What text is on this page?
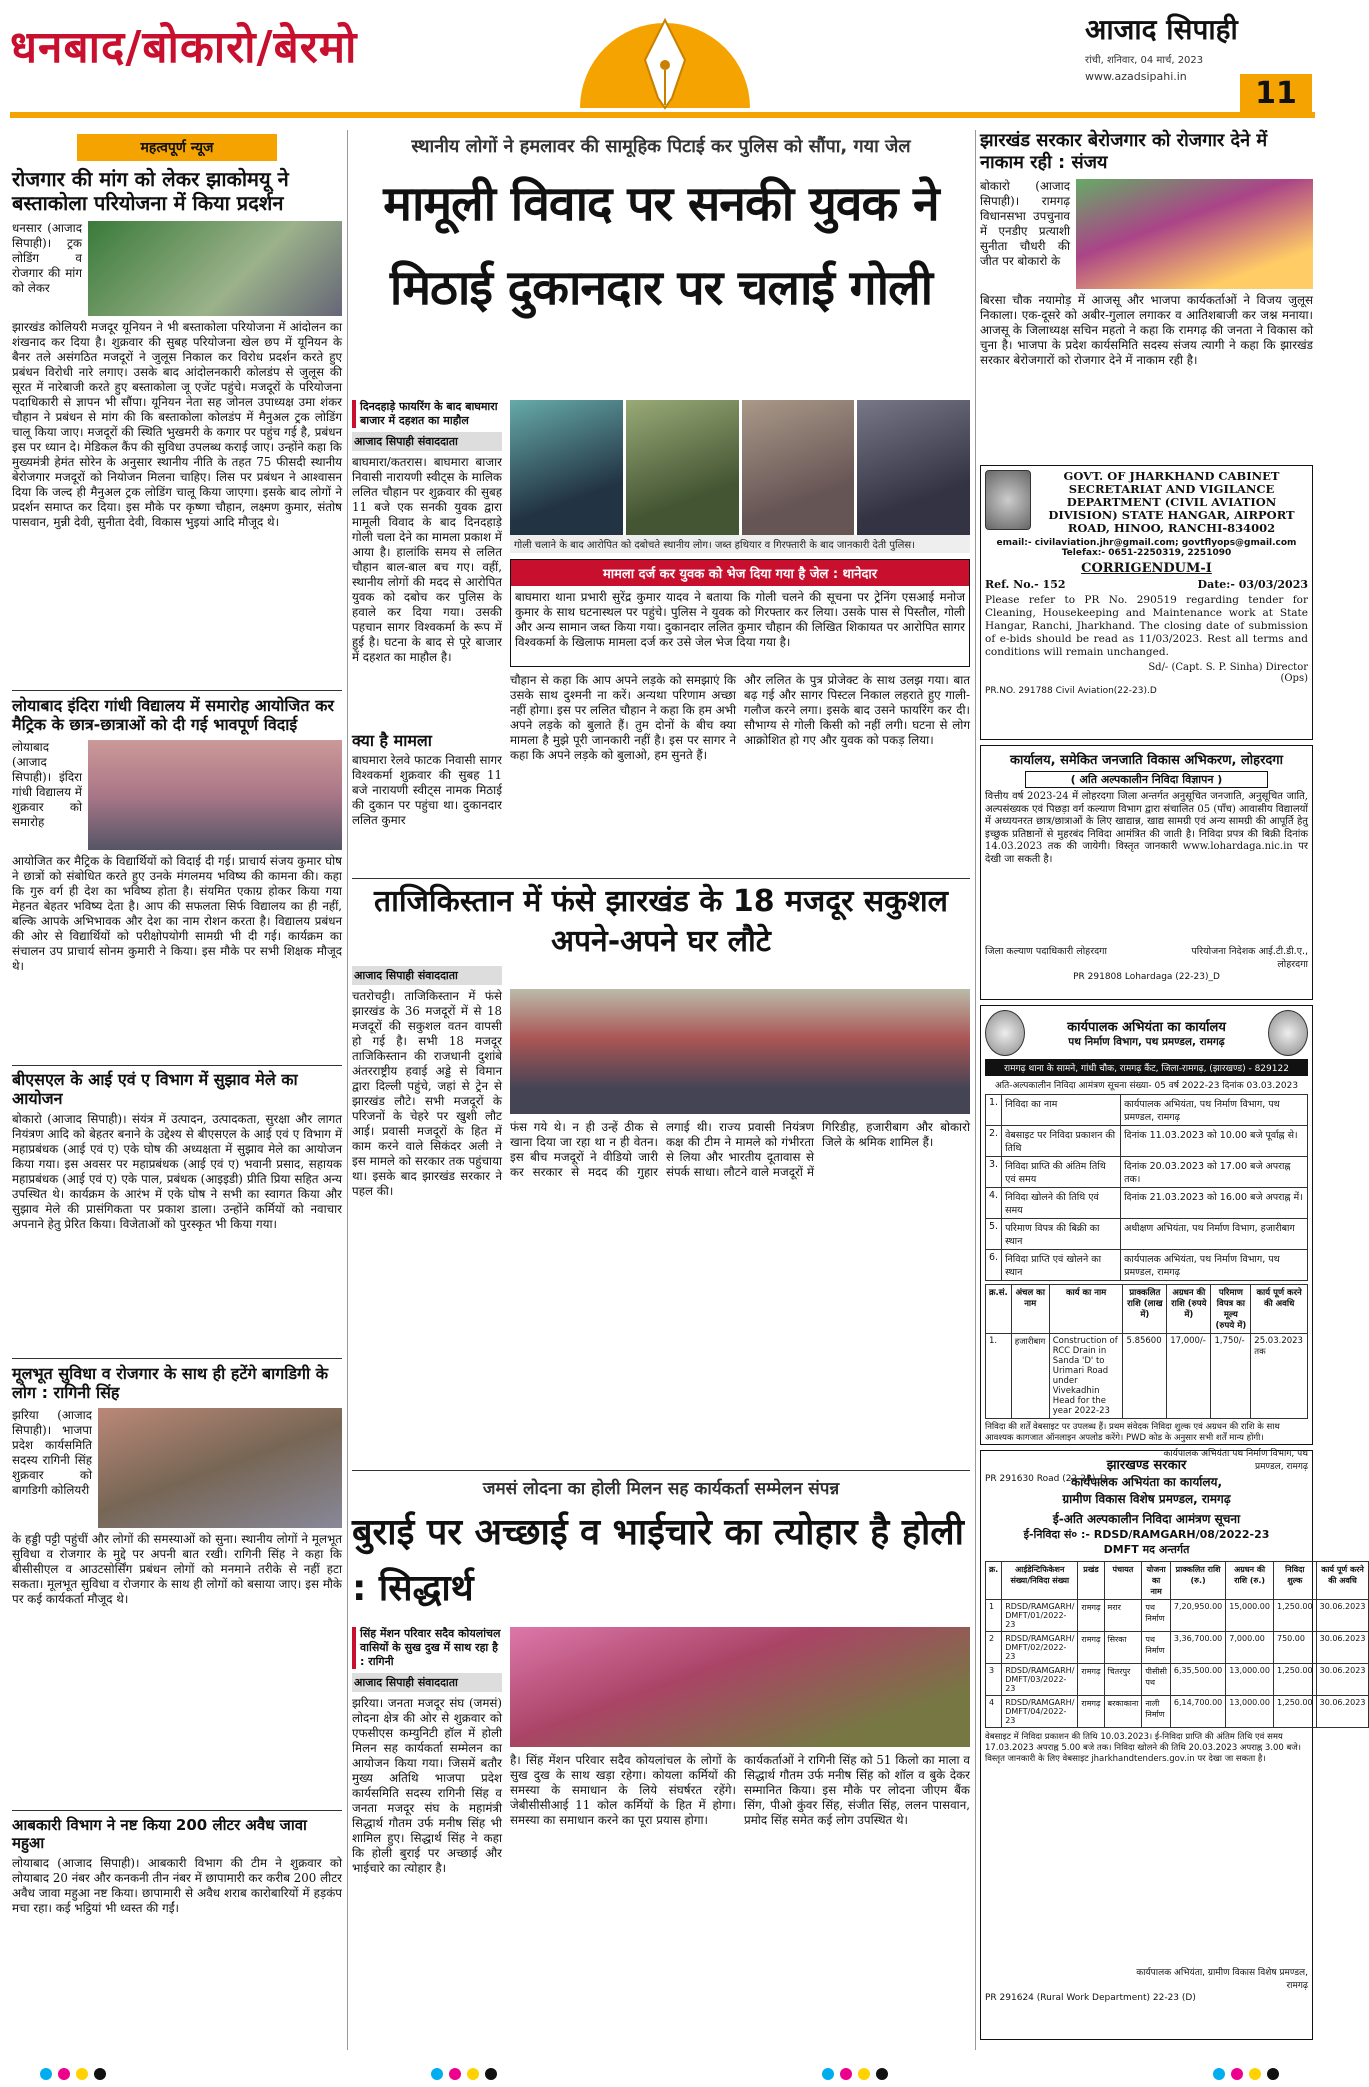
धनबाद/बोकारो/बेरमो	आजाद सिपाही
रांची, शनिवार, 04 मार्च, 2023
www.azadsipahi.in	11
महत्वपूर्ण न्यूज
रोजगार की मांग को लेकर झाकोमयू ने बस्ताकोला परियोजना में किया प्रदर्शन
धनसार (आजाद सिपाही)। ट्रक लोडिंग व रोजगार की मांग को लेकर
झारखंड कोलियरी मजदूर यूनियन ने भी बस्ताकोला परियोजना में आंदोलन का शंखनाद कर दिया है। शुक्रवार की सुबह परियोजना खेल छप में यूनियन के बैनर तले असंगठित मजदूरों ने जुलूस निकाल कर विरोध प्रदर्शन करते हुए प्रबंधन विरोधी नारे लगाए। उसके बाद आंदोलनकारी कोलडंप से जुलूस की सूरत में नारेबाजी करते हुए बस्ताकोला जू एजेंट पहुंचे। मजदूरों के परियोजना पदाधिकारी से ज्ञापन भी सौंपा। यूनियन नेता सह जोनल उपाध्यक्ष उमा शंकर चौहान ने प्रबंधन से मांग की कि बस्ताकोला कोलडंप में मैनुअल ट्रक लोडिंग चालू किया जाए। मजदूरों की स्थिति भुखमरी के कगार पर पहुंच गई है, प्रबंधन इस पर ध्यान दे। मेडिकल कैंप की सुविधा उपलब्ध कराई जाए। उन्होंने कहा कि मुख्यमंत्री हेमंत सोरेन के अनुसार स्थानीय नीति के तहत 75 फीसदी स्थानीय बेरोजगार मजदूरों को नियोजन मिलना चाहिए। लिस पर प्रबंधन ने आश्वासन दिया कि जल्द ही मैनुअल ट्रक लोडिंग चालू किया जाएगा। इसके बाद लोगों ने प्रदर्शन समाप्त कर दिया। इस मौके पर कृष्णा चौहान, लक्ष्मण कुमार, संतोष पासवान, मुन्नी देवी, सुनीता देवी, विकास भुइयां आदि मौजूद थे।
लोयाबाद इंदिरा गांधी विद्यालय में समारोह आयोजित कर मैट्रिक के छात्र-छात्राओं को दी गई भावपूर्ण विदाई
लोयाबाद (आजाद सिपाही)। इंदिरा गांधी विद्यालय में शुक्रवार को समारोह
आयोजित कर मैट्रिक के विद्यार्थियों को विदाई दी गई। प्राचार्य संजय कुमार घोष ने छात्रों को संबोधित करते हुए उनके मंगलमय भविष्य की कामना की। कहा कि गुरु वर्ग ही देश का भविष्य होता है। संयमित एकाग्र होकर किया गया मेहनत बेहतर भविष्य देता है। आप की सफलता सिर्फ विद्यालय का ही नहीं, बल्कि आपके अभिभावक और देश का नाम रोशन करता है। विद्यालय प्रबंधन की ओर से विद्यार्थियों को परीक्षोपयोगी सामग्री भी दी गई। कार्यक्रम का संचालन उप प्राचार्य सोनम कुमारी ने किया। इस मौके पर सभी शिक्षक मौजूद थे।
बीएसएल के आई एवं ए विभाग में सुझाव मेले का आयोजन
बोकारो (आजाद सिपाही)। संयंत्र में उत्पादन, उत्पादकता, सुरक्षा और लागत नियंत्रण आदि को बेहतर बनाने के उद्देश्य से बीएसएल के आई एवं ए विभाग में महाप्रबंधक (आई एवं ए) एके घोष की अध्यक्षता में सुझाव मेले का आयोजन किया गया। इस अवसर पर महाप्रबंधक (आई एवं ए) भवानी प्रसाद, सहायक महाप्रबंधक (आई एवं ए) एके पाल, प्रबंधक (आइइडी) प्रीति प्रिया सहित अन्य उपस्थित थे। कार्यक्रम के आरंभ में एके घोष ने सभी का स्वागत किया और सुझाव मेले की प्रासंगिकता पर प्रकाश डाला। उन्होंने कर्मियों को नवाचार अपनाने हेतु प्रेरित किया। विजेताओं को पुरस्कृत भी किया गया।
मूलभूत सुविधा व रोजगार के साथ ही हटेंगे बागडिगी के लोग : रागिनी सिंह
झरिया (आजाद सिपाही)। भाजपा प्रदेश कार्यसमिति सदस्य रागिनी सिंह शुक्रवार को बागडिगी कोलियरी
के हड्डी पट्टी पहुंचीं और लोगों की समस्याओं को सुना। स्थानीय लोगों ने मूलभूत सुविधा व रोजगार के मुद्दे पर अपनी बात रखी। रागिनी सिंह ने कहा कि बीसीसीएल व आउटसोर्सिंग प्रबंधन लोगों को मनमाने तरीके से नहीं हटा सकता। मूलभूत सुविधा व रोजगार के साथ ही लोगों को बसाया जाए। इस मौके पर कई कार्यकर्ता मौजूद थे।
आबकारी विभाग ने नष्ट किया 200 लीटर अवैध जावा महुआ
लोयाबाद (आजाद सिपाही)। आबकारी विभाग की टीम ने शुक्रवार को लोयाबाद 20 नंबर और कनकनी तीन नंबर में छापामारी कर करीब 200 लीटर अवैध जावा महुआ नष्ट किया। छापामारी से अवैध शराब कारोबारियों में हड़कंप मचा रहा। कई भट्ठियां भी ध्वस्त की गईं।
स्थानीय लोगों ने हमलावर की सामूहिक पिटाई कर पुलिस को सौंपा, गया जेल
मामूली विवाद पर सनकी युवक ने
मिठाई दुकानदार पर चलाई गोली
दिनदहाड़े फायरिंग के बाद बाघमारा बाजार में दहशत का माहौल
आजाद सिपाही संवाददाता
बाघमारा/कतरास। बाघमारा बाजार निवासी नारायणी स्वीट्स के मालिक ललित चौहान पर शुक्रवार की सुबह 11 बजे एक सनकी युवक द्वारा मामूली विवाद के बाद दिनदहाड़े गोली चला देने का मामला प्रकाश में आया है। हालांकि समय से ललित चौहान बाल-बाल बच गए। वहीं, स्थानीय लोगों की मदद से आरोपित युवक को दबोच कर पुलिस के हवाले कर दिया गया। उसकी पहचान सागर विश्वकर्मा के रूप में हुई है। घटना के बाद से पूरे बाजार में दहशत का माहौल है।
क्या है मामला
बाघमारा रेलवे फाटक निवासी सागर विश्वकर्मा शुक्रवार की सुबह 11 बजे नारायणी स्वीट्स नामक मिठाई की दुकान पर पहुंचा था। दुकानदार ललित कुमार
गोली चलाने के बाद आरोपित को दबोचते स्थानीय लोग। जब्त हथियार व गिरफ्तारी के बाद जानकारी देती पुलिस।
मामला दर्ज कर युवक को भेज दिया गया है जेल : थानेदार
बाघमारा थाना प्रभारी सुरेंद्र कुमार यादव ने बताया कि गोली चलने की सूचना पर ट्रेनिंग एसआई मनोज कुमार के साथ घटनास्थल पर पहुंचे। पुलिस ने युवक को गिरफ्तार कर लिया। उसके पास से पिस्तौल, गोली और अन्य सामान जब्त किया गया। दुकानदार ललित कुमार चौहान की लिखित शिकायत पर आरोपित सागर विश्वकर्मा के खिलाफ मामला दर्ज कर उसे जेल भेज दिया गया है।
चौहान से कहा कि आप अपने लड़के को समझाएं कि उसके साथ दुश्मनी ना करें। अन्यथा परिणाम अच्छा नहीं होगा। इस पर ललित चौहान ने कहा कि हम अभी अपने लड़के को बुलाते हैं। तुम दोनों के बीच क्या मामला है मुझे पूरी जानकारी नहीं है। इस पर सागर ने कहा कि अपने लड़के को बुलाओ, हम सुनते हैं।
और ललित के पुत्र प्रोजेक्ट के साथ उलझ गया। बात बढ़ गई और सागर पिस्टल निकाल लहराते हुए गाली-गलौज करने लगा। इसके बाद उसने फायरिंग कर दी। सौभाग्य से गोली किसी को नहीं लगी। घटना से लोग आक्रोशित हो गए और युवक को पकड़ लिया।
ताजिकिस्तान में फंसे झारखंड के 18 मजदूर सकुशल अपने-अपने घर लौटे
आजाद सिपाही संवाददाता
चतरोचट्टी। ताजिकिस्तान में फंसे झारखंड के 36 मजदूरों में से 18 मजदूरों की सकुशल वतन वापसी हो गई है। सभी 18 मजदूर ताजिकिस्तान की राजधानी दुशांबे अंतरराष्ट्रीय हवाई अड्डे से विमान द्वारा दिल्ली पहुंचे, जहां से ट्रेन से झारखंड लौटे। सभी मजदूरों के परिजनों के चेहरे पर खुशी लौट आई। प्रवासी मजदूरों के हित में काम करने वाले सिकंदर अली ने इस मामले को सरकार तक पहुंचाया था। इसके बाद झारखंड सरकार ने पहल की।
फंस गये थे। न ही उन्हें ठीक से खाना दिया जा रहा था न ही वेतन। इस बीच मजदूरों ने वीडियो जारी कर सरकार से मदद की गुहार लगाई थी। राज्य प्रवासी नियंत्रण कक्ष की टीम ने मामले को गंभीरता से लिया और भारतीय दूतावास से संपर्क साधा। लौटने वाले मजदूरों में गिरिडीह, हजारीबाग और बोकारो जिले के श्रमिक शामिल हैं।
जमसं लोदना का होली मिलन सह कार्यकर्ता सम्मेलन संपन्न
बुराई पर अच्छाई व भाईचारे का त्योहार है होली : सिद्धार्थ
सिंह मेंशन परिवार सदैव कोयलांचल वासियों के सुख दुख में साथ रहा है : रागिनी
आजाद सिपाही संवाददाता
झरिया। जनता मजदूर संघ (जमसं) लोदना क्षेत्र की ओर से शुक्रवार को एफसीएस कम्युनिटी हॉल में होली मिलन सह कार्यकर्ता सम्मेलन का आयोजन किया गया। जिसमें बतौर मुख्य अतिथि भाजपा प्रदेश कार्यसमिति सदस्य रागिनी सिंह व जनता मजदूर संघ के महामंत्री सिद्धार्थ गौतम उर्फ मनीष सिंह भी शामिल हुए। सिद्धार्थ सिंह ने कहा कि होली बुराई पर अच्छाई और भाईचारे का त्योहार है।
है। सिंह मेंशन परिवार सदैव कोयलांचल के लोगों के सुख दुख के साथ खड़ा रहेगा। कोयला कर्मियों की समस्या के समाधान के लिये संघर्षरत रहेंगे। जेबीसीसीआई 11 कोल कर्मियों के हित में होगा। समस्या का समाधान करने का पूरा प्रयास होगा।
कार्यकर्ताओं ने रागिनी सिंह को 51 किलो का माला व सिद्धार्थ गौतम उर्फ मनीष सिंह को शॉल व बुके देकर सम्मानित किया। इस मौके पर लोदना जीएम बैंक सिंग, पीओ कुंवर सिंह, संजीत सिंह, ललन पासवान, प्रमोद सिंह समेत कई लोग उपस्थित थे।
झारखंड सरकार बेरोजगार को रोजगार देने में नाकाम रही : संजय
बोकारो (आजाद सिपाही)। रामगढ़ विधानसभा उपचुनाव में एनडीए प्रत्याशी सुनीता चौधरी की जीत पर बोकारो के
बिरसा चौक नयामोड़ में आजसू और भाजपा कार्यकर्ताओं ने विजय जुलूस निकाला। एक-दूसरे को अबीर-गुलाल लगाकर व आतिशबाजी कर जश्न मनाया। आजसू के जिलाध्यक्ष सचिन महतो ने कहा कि रामगढ़ की जनता ने विकास को चुना है। भाजपा के प्रदेश कार्यसमिति सदस्य संजय त्यागी ने कहा कि झारखंड सरकार बेरोजगारों को रोजगार देने में नाकाम रही है।
GOVT. OF JHARKHAND CABINET SECRETARIAT AND VIGILANCE DEPARTMENT (CIVIL AVIATION DIVISION) STATE HANGAR, AIRPORT ROAD, HINOO, RANCHI-834002
email:- civilaviation.jhr@gmail.com; govtflyops@gmail.com Telefax:- 0651-2250319, 2251090
CORRIGENDUM-I
Ref. No.- 152	Date:- 03/03/2023
Please refer to PR No. 290519 regarding tender for Cleaning, Housekeeping and Maintenance work at State Hangar, Ranchi, Jharkhand. The closing date of submission of e-bids should be read as 11/03/2023. Rest all terms and conditions will remain unchanged.
Sd/- (Capt. S. P. Sinha) Director (Ops)
PR.NO. 291788 Civil Aviation(22-23).D
कार्यालय, समेकित जनजाति विकास अभिकरण, लोहरदगा
( अति अल्पकालीन निविदा विज्ञापन )
वित्तीय वर्ष 2023-24 में लोहरदगा जिला अन्तर्गत अनुसूचित जनजाति, अनुसूचित जाति, अल्पसंख्यक एवं पिछड़ा वर्ग कल्याण विभाग द्वारा संचालित 05 (पाँच) आवासीय विद्यालयों में अध्ययनरत छात्र/छात्राओं के लिए खाद्यान्न, खाद्य सामग्री एवं अन्य सामग्री की आपूर्ति हेतु इच्छुक प्रतिष्ठानों से मुहरबंद निविदा आमंत्रित की जाती है। निविदा प्रपत्र की बिक्री दिनांक 14.03.2023 तक की जायेगी। विस्तृत जानकारी www.lohardaga.nic.in पर देखी जा सकती है।
जिला कल्याण पदाधिकारी लोहरदगा	परियोजना निदेशक आई.टी.डी.ए., लोहरदगा
PR 291808 Lohardaga (22-23)_D
कार्यपालक अभियंता का कार्यालय
पथ निर्माण विभाग, पथ प्रमण्डल, रामगढ़
रामगढ़ थाना के सामने, गांधी चौक, रामगढ़ कैंट, जिला-रामगढ़, (झारखण्ड) - 829122
अति-अल्पकालीन निविदा आमंत्रण सूचना संख्या- 05 वर्ष 2022-23 दिनांक 03.03.2023
1.	निविदा का नाम	कार्यपालक अभियंता, पथ निर्माण विभाग, पथ प्रमण्डल, रामगढ़
2.	वेबसाइट पर निविदा प्रकाशन की तिथि	दिनांक 11.03.2023 को 10.00 बजे पूर्वाह्न से।
3.	निविदा प्राप्ति की अंतिम तिथि एवं समय	दिनांक 20.03.2023 को 17.00 बजे अपराह्न तक।
4.	निविदा खोलने की तिथि एवं समय	दिनांक 21.03.2023 को 16.00 बजे अपराह्न में।
5.	परिमाण विपत्र की बिक्री का स्थान	अधीक्षण अभियंता, पथ निर्माण विभाग, हजारीबाग
6.	निविदा प्राप्ति एवं खोलने का स्थान	कार्यपालक अभियंता, पथ निर्माण विभाग, पथ प्रमण्डल, रामगढ़
क्र.सं.	अंचल का नाम	कार्य का नाम	प्राक्कलित राशि (लाख में)	अग्रधन की राशि (रुपये में)	परिमाण विपत्र का मूल्य (रुपये में)	कार्य पूर्ण करने की अवधि
1.	हजारीबाग	Construction of RCC Drain in Sanda 'D' to Urimari Road under Vivekadhin Head for the year 2022-23	5.85600	17,000/-	1,750/-	25.03.2023 तक
निविदा की शर्तें वेबसाइट पर उपलब्ध हैं। प्रथम संवेदक निविदा शुल्क एवं अग्रधन की राशि के साथ आवश्यक कागजात ऑनलाइन अपलोड करेंगे। PWD कोड के अनुसार सभी शर्तें मान्य होंगी।
कार्यपालक अभियंता पथ निर्माण विभाग, पथ प्रमण्डल, रामगढ़
PR 291630 Road (22-23)_D
झारखण्ड सरकार
कार्यपालक अभियंता का कार्यालय,
ग्रामीण विकास विशेष प्रमण्डल, रामगढ़
ई-अति अल्पकालीन निविदा आमंत्रण सूचना
ई-निविदा सं० :- RDSD/RAMGARH/08/2022-23
DMFT मद अन्तर्गत
क्र.	आईडेन्टिफिकेशन संख्या/निविदा संख्या	प्रखंड	पंचायत	योजना का नाम	प्राक्कलित राशि (रु.)	अग्रधन की राशि (रु.)	निविदा शुल्क	कार्य पूर्ण करने की अवधि
1	RDSD/RAMGARH/ DMFT/01/2022-23	रामगढ़	मरार	पथ निर्माण	7,20,950.00	15,000.00	1,250.00	30.06.2023
2	RDSD/RAMGARH/ DMFT/02/2022-23	रामगढ़	सिरका	पथ निर्माण	3,36,700.00	7,000.00	750.00	30.06.2023
3	RDSD/RAMGARH/ DMFT/03/2022-23	रामगढ़	चितरपुर	पीसीसी पथ	6,35,500.00	13,000.00	1,250.00	30.06.2023
4	RDSD/RAMGARH/ DMFT/04/2022-23	रामगढ़	बरकाकाना	नाली निर्माण	6,14,700.00	13,000.00	1,250.00	30.06.2023
वेबसाइट में निविदा प्रकाशन की तिथि 10.03.2023। ई-निविदा प्राप्ति की अंतिम तिथि एवं समय 17.03.2023 अपराह्न 5.00 बजे तक। निविदा खोलने की तिथि 20.03.2023 अपराह्न 3.00 बजे। विस्तृत जानकारी के लिए वेबसाइट jharkhandtenders.gov.in पर देखा जा सकता है।
कार्यपालक अभियंता, ग्रामीण विकास विशेष प्रमण्डल, रामगढ़
PR 291624 (Rural Work Department) 22-23 (D)
